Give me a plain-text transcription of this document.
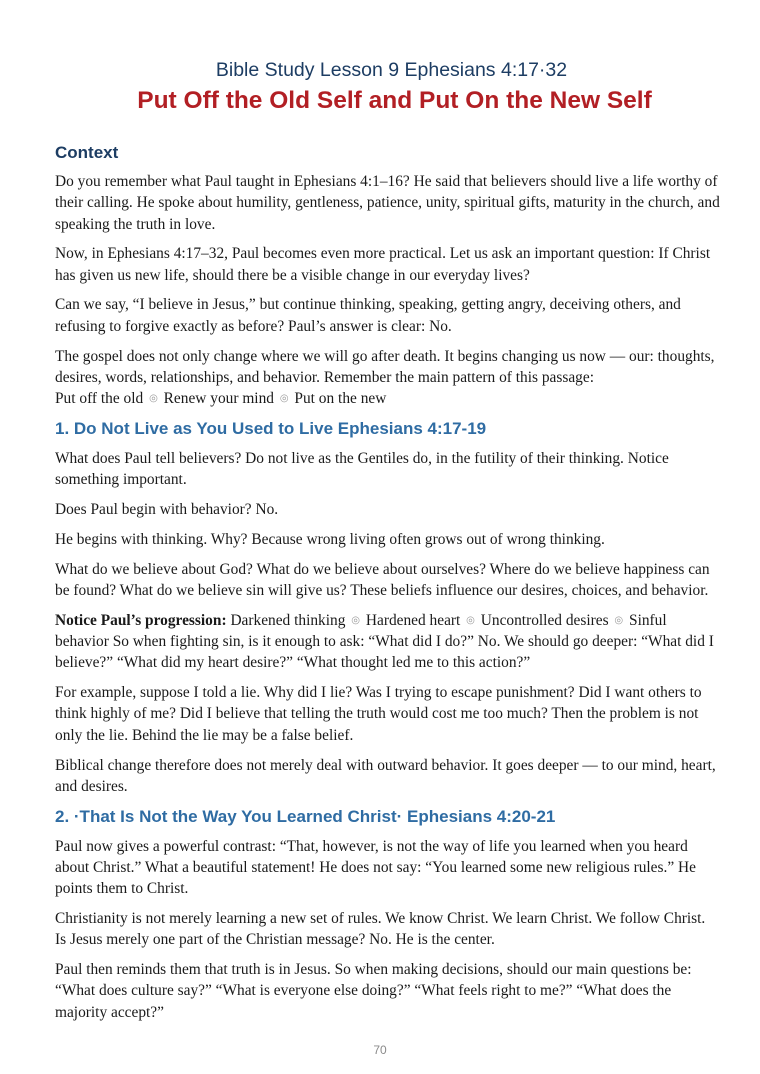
Bible Study Lesson 9 Ephesians 4:17·32
Put Off the Old Self and Put On the New Self
Context

Do you remember what Paul taught in Ephesians 4:1–16? He said that believers should live a life worthy of their calling. He spoke about humility, gentleness, patience, unity, spiritual gifts, maturity in the church, and speaking the truth in love.

Now, in Ephesians 4:17–32, Paul becomes even more practical. Let us ask an important question: If Christ has given us new life, should there be a visible change in our everyday lives?

Can we say, “I believe in Jesus,” but continue thinking, speaking, getting angry, deceiving others, and refusing to forgive exactly as before? Paul’s answer is clear: No.

The gospel does not only change where we will go after death. It begins changing us now — our: thoughts, desires, words, relationships, and behavior. Remember the main pattern of this passage:
Put off the old ◎ Renew your mind ◎ Put on the new

1. Do Not Live as You Used to Live Ephesians 4:17-19

What does Paul tell believers? Do not live as the Gentiles do, in the futility of their thinking. Notice something important.

Does Paul begin with behavior? No.

He begins with thinking. Why? Because wrong living often grows out of wrong thinking.

What do we believe about God? What do we believe about ourselves? Where do we believe happiness can be found? What do we believe sin will give us? These beliefs influence our desires, choices, and behavior.

Notice Paul’s progression: Darkened thinking ◎ Hardened heart ◎ Uncontrolled desires ◎ Sinful behavior So when fighting sin, is it enough to ask: “What did I do?” No. We should go deeper: “What did I believe?” “What did my heart desire?” “What thought led me to this action?”

For example, suppose I told a lie. Why did I lie? Was I trying to escape punishment? Did I want others to think highly of me? Did I believe that telling the truth would cost me too much? Then the problem is not only the lie. Behind the lie may be a false belief.

Biblical change therefore does not merely deal with outward behavior. It goes deeper — to our mind, heart, and desires.

2. ·That Is Not the Way You Learned Christ· Ephesians 4:20-21

Paul now gives a powerful contrast: “That, however, is not the way of life you learned when you heard about Christ.” What a beautiful statement! He does not say: “You learned some new religious rules.” He points them to Christ.

Christianity is not merely learning a new set of rules. We know Christ. We learn Christ. We follow Christ. Is Jesus merely one part of the Christian message? No. He is the center.

Paul then reminds them that truth is in Jesus. So when making decisions, should our main questions be: “What does culture say?” “What is everyone else doing?” “What feels right to me?” “What does the majority accept?”

70
